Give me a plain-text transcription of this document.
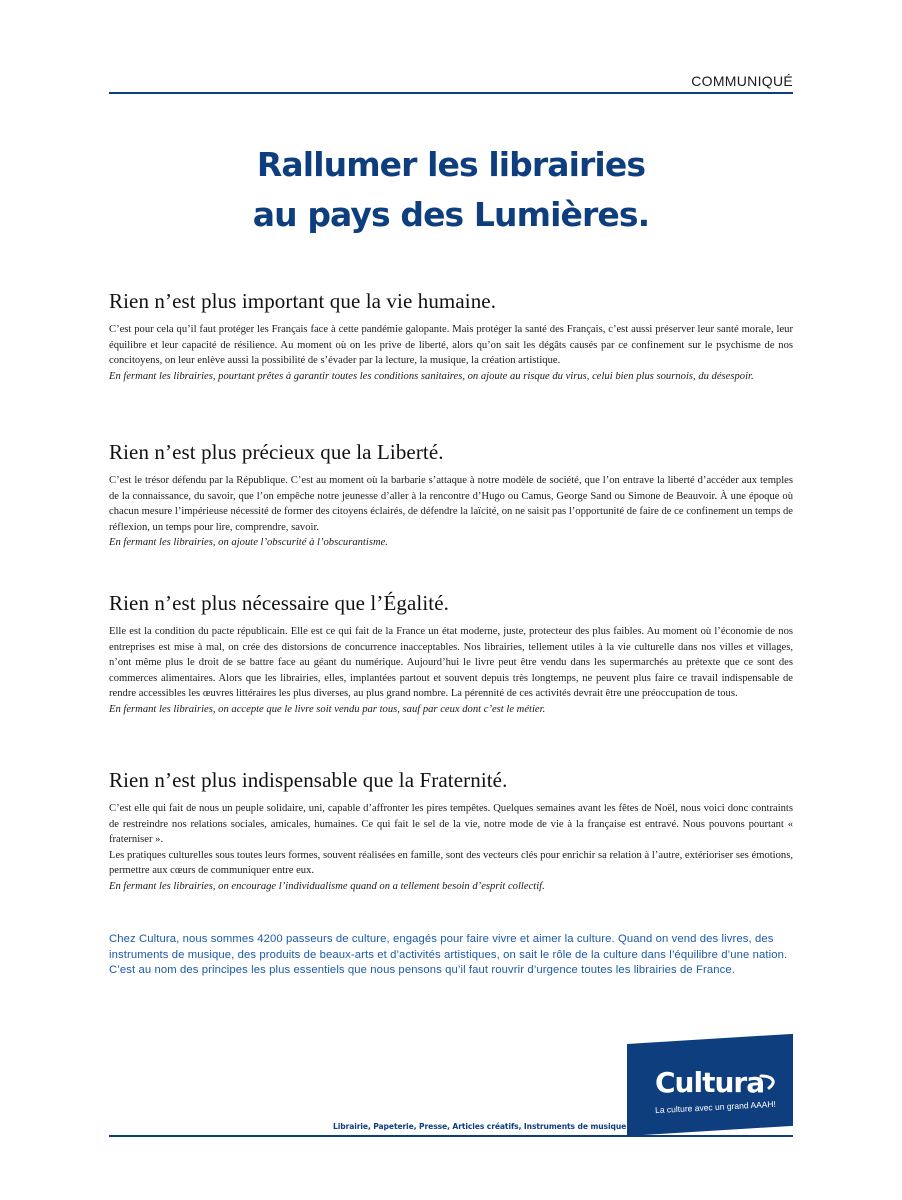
COMMUNIQUÉ
Rallumer les librairies
au pays des Lumières.
Rien n’est plus important que la vie humaine.

C’est pour cela qu’il faut protéger les Français face à cette pandémie galopante. Mais protéger la santé des Français, c’est aussi préserver leur santé morale, leur équilibre et leur capacité de résilience. Au moment où on les prive de liberté, alors qu’on sait les dégâts causés par ce confinement sur le psychisme de nos concitoyens, on leur enlève aussi la possibilité de s’évader par la lecture, la musique, la création artistique.

En fermant les librairies, pourtant prêtes à garantir toutes les conditions sanitaires, on ajoute au risque du virus, celui bien plus sournois, du désespoir.

Rien n’est plus précieux que la Liberté.

C’est le trésor défendu par la République. C’est au moment où la barbarie s’attaque à notre modèle de société, que l’on entrave la liberté d’accéder aux temples de la connaissance, du savoir, que l’on empêche notre jeunesse d’aller à la rencontre d’Hugo ou Camus, George Sand ou Simone de Beauvoir. À une époque où chacun mesure l’impérieuse nécessité de former des citoyens éclairés, de défendre la laïcité, on ne saisit pas l’opportunité de faire de ce confinement un temps de réflexion, un temps pour lire, comprendre, savoir.

En fermant les librairies, on ajoute l’obscurité à l’obscurantisme.

Rien n’est plus nécessaire que l’Égalité.

Elle est la condition du pacte républicain. Elle est ce qui fait de la France un état moderne, juste, protecteur des plus faibles. Au moment où l’économie de nos entreprises est mise à mal, on crée des distorsions de concurrence inacceptables. Nos librairies, tellement utiles à la vie culturelle dans nos villes et villages, n’ont même plus le droit de se battre face au géant du numérique. Aujourd’hui le livre peut être vendu dans les supermarchés au prétexte que ce sont des commerces alimentaires. Alors que les librairies, elles, implantées partout et souvent depuis très longtemps, ne peuvent plus faire ce travail indispensable de rendre accessibles les œuvres littéraires les plus diverses, au plus grand nombre. La pérennité de ces activités devrait être une préoccupation de tous.

En fermant les librairies, on accepte que le livre soit vendu par tous, sauf par ceux dont c’est le métier.

Rien n’est plus indispensable que la Fraternité.

C’est elle qui fait de nous un peuple solidaire, uni, capable d’affronter les pires tempêtes. Quelques semaines avant les fêtes de Noël, nous voici donc contraints de restreindre nos relations sociales, amicales, humaines. Ce qui fait le sel de la vie, notre mode de vie à la française est entravé. Nous pouvons pourtant « fraterniser ».

Les pratiques culturelles sous toutes leurs formes, souvent réalisées en famille, sont des vecteurs clés pour enrichir sa relation à l’autre, extérioriser ses émotions, permettre aux cœurs de communiquer entre eux.

En fermant les librairies, on encourage l’individualisme quand on a tellement besoin d’esprit collectif.

Chez Cultura, nous sommes 4200 passeurs de culture, engagés pour faire vivre et aimer la culture. Quand on vend des livres, des instruments de musique, des produits de beaux-arts et d’activités artistiques, on sait le rôle de la culture dans l’équilibre d’une nation. C’est au nom des principes les plus essentiels que nous pensons qu’il faut rouvrir d’urgence toutes les librairies de France.
Cultura
La culture avec un grand AAAH!
Librairie, Papeterie, Presse, Articles créatifs, Instruments de musique
